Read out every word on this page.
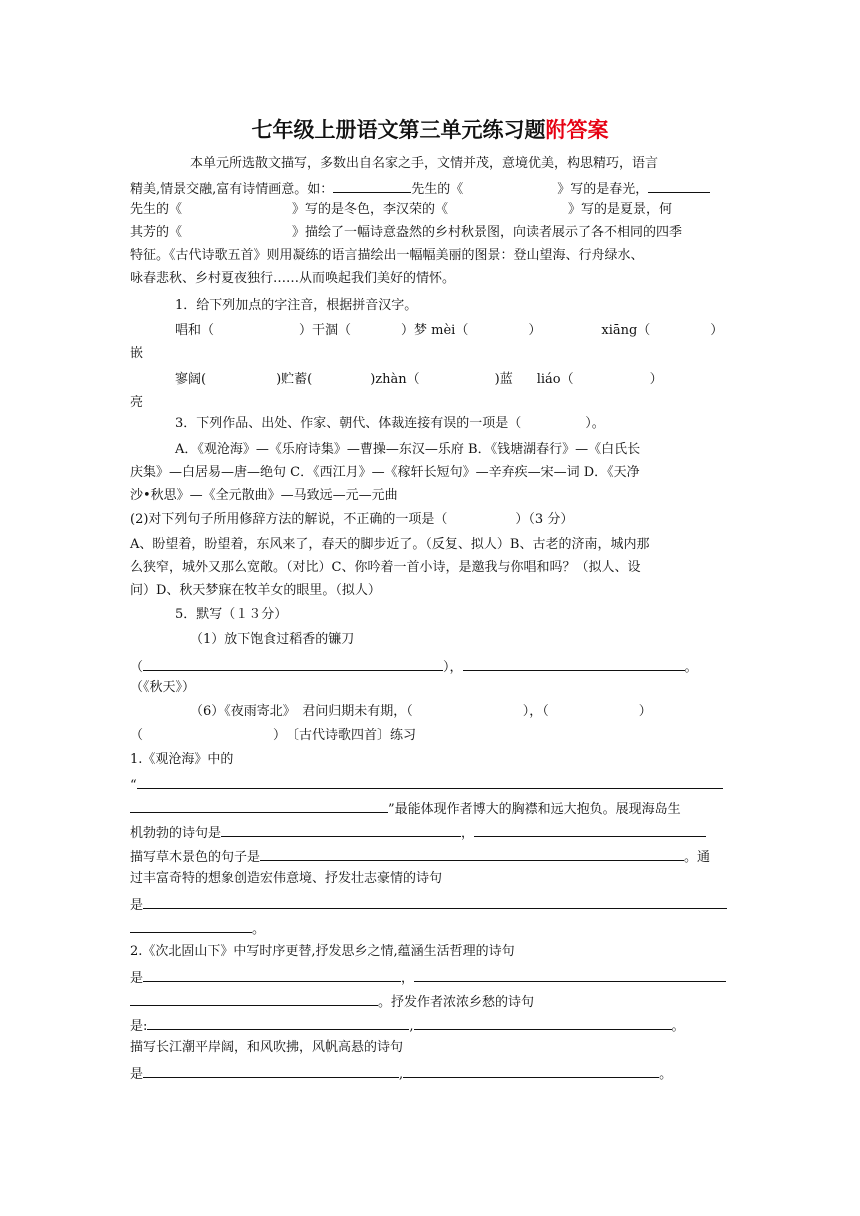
七年级上册语文第三单元练习题附答案
本单元所选散文描写，多数出自名家之手，文情并茂，意境优美，构思精巧，语言
精美,情景交融,富有诗情画意。如：	先生的《	》写的是春光，
先生的《	》写的是冬色，李汉荣的《	》写的是夏景，何
其芳的《	》描绘了一幅诗意盎然的乡村秋景图，向读者展示了各不相同的四季
特征。《古代诗歌五首》则用凝练的语言描绘出一幅幅美丽的图景：登山望海、行舟绿水、
咏春悲秋、乡村夏夜独行……从而唤起我们美好的情怀。
1．给下列加点的字注音，根据拼音汉字。
唱和（	）干涸（	）梦 mèi（	）	xiāng（	）
嵌
寥阔(	)贮蓄(	)zhàn（	)蓝 liáo（	）
亮
3．下列作品、出处、作家、朝代、体裁连接有误的一项是（	）。
A．《观沧海》—《乐府诗集》—曹操—东汉—乐府 B．《钱塘湖春行》—《白氏长
庆集》—白居易—唐—绝句 C．《西江月》—《稼轩长短句》—辛弃疾—宋—词 D．《天净
沙•秋思》—《全元散曲》—马致远—元—元曲
(2)对下列句子所用修辞方法的解说，不正确的一项是（	）（3 分）
A、盼望着，盼望着，东风来了，春天的脚步近了。（反复、拟人）B、古老的济南，城内那
么狭窄，城外又那么宽敞。（对比）C、你吟着一首小诗，是邀我与你唱和吗？（拟人、设
问）D、秋天梦寐在牧羊女的眼里。（拟人）
5．默写（１３分）
（1）放下饱食过稻香的镰刀
（	），	。
（《秋天》）
（6）《夜雨寄北》　君问归期未有期，（	），（	）
（	）　〔古代诗歌四首〕练习
1.《观沧海》中的
“
”最能体现作者博大的胸襟和远大抱负。展现海岛生
机勃勃的诗句是	，
描写草木景色的句子是	。通
过丰富奇特的想象创造宏伟意境、抒发壮志豪情的诗句
是
。
2.《次北固山下》中写时序更替,抒发思乡之情,蕴涵生活哲理的诗句
是	，
。抒发作者浓浓乡愁的诗句
是:	,	。
描写长江潮平岸阔，和风吹拂，风帆高悬的诗句
是	,	。
